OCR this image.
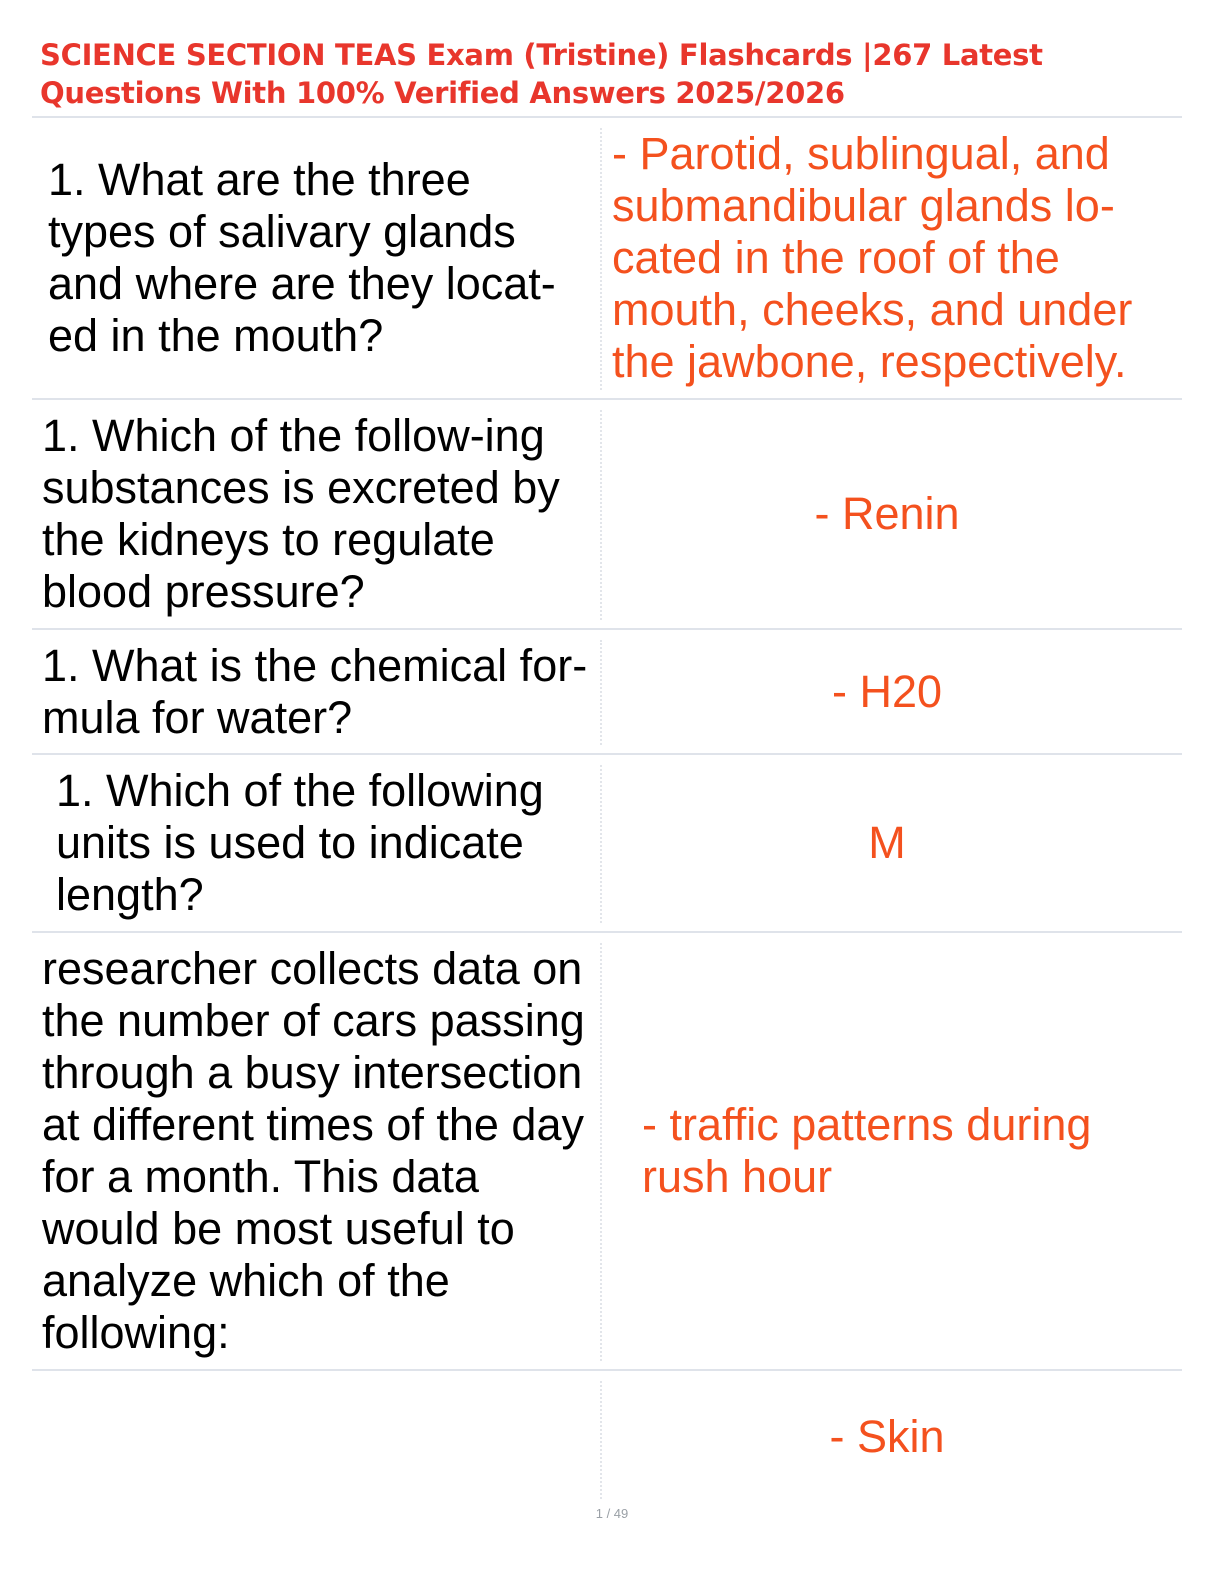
SCIENCE SECTION TEAS Exam (Tristine) Flashcards |267 Latest Questions With 100% Verified Answers 2025/2026

1. What are the three types of salivary glands and where are they locat-ed in the mouth?

- Parotid, sublingual, and submandibular glands lo-cated in the roof of the mouth, cheeks, and under the jawbone, respectively.

1. Which of the follow-ing substances is excreted by the kidneys to regulate blood pressure?

- Renin

1. What is the chemical for-mula for water?

- H20

1. Which of the following units is used to indicate length?

M

researcher collects data on the number of cars passing through a busy intersection at different times of the day for a month. This data would be most useful to analyze which of the following:

- traffic patterns during rush hour

- Skin

1 / 49
